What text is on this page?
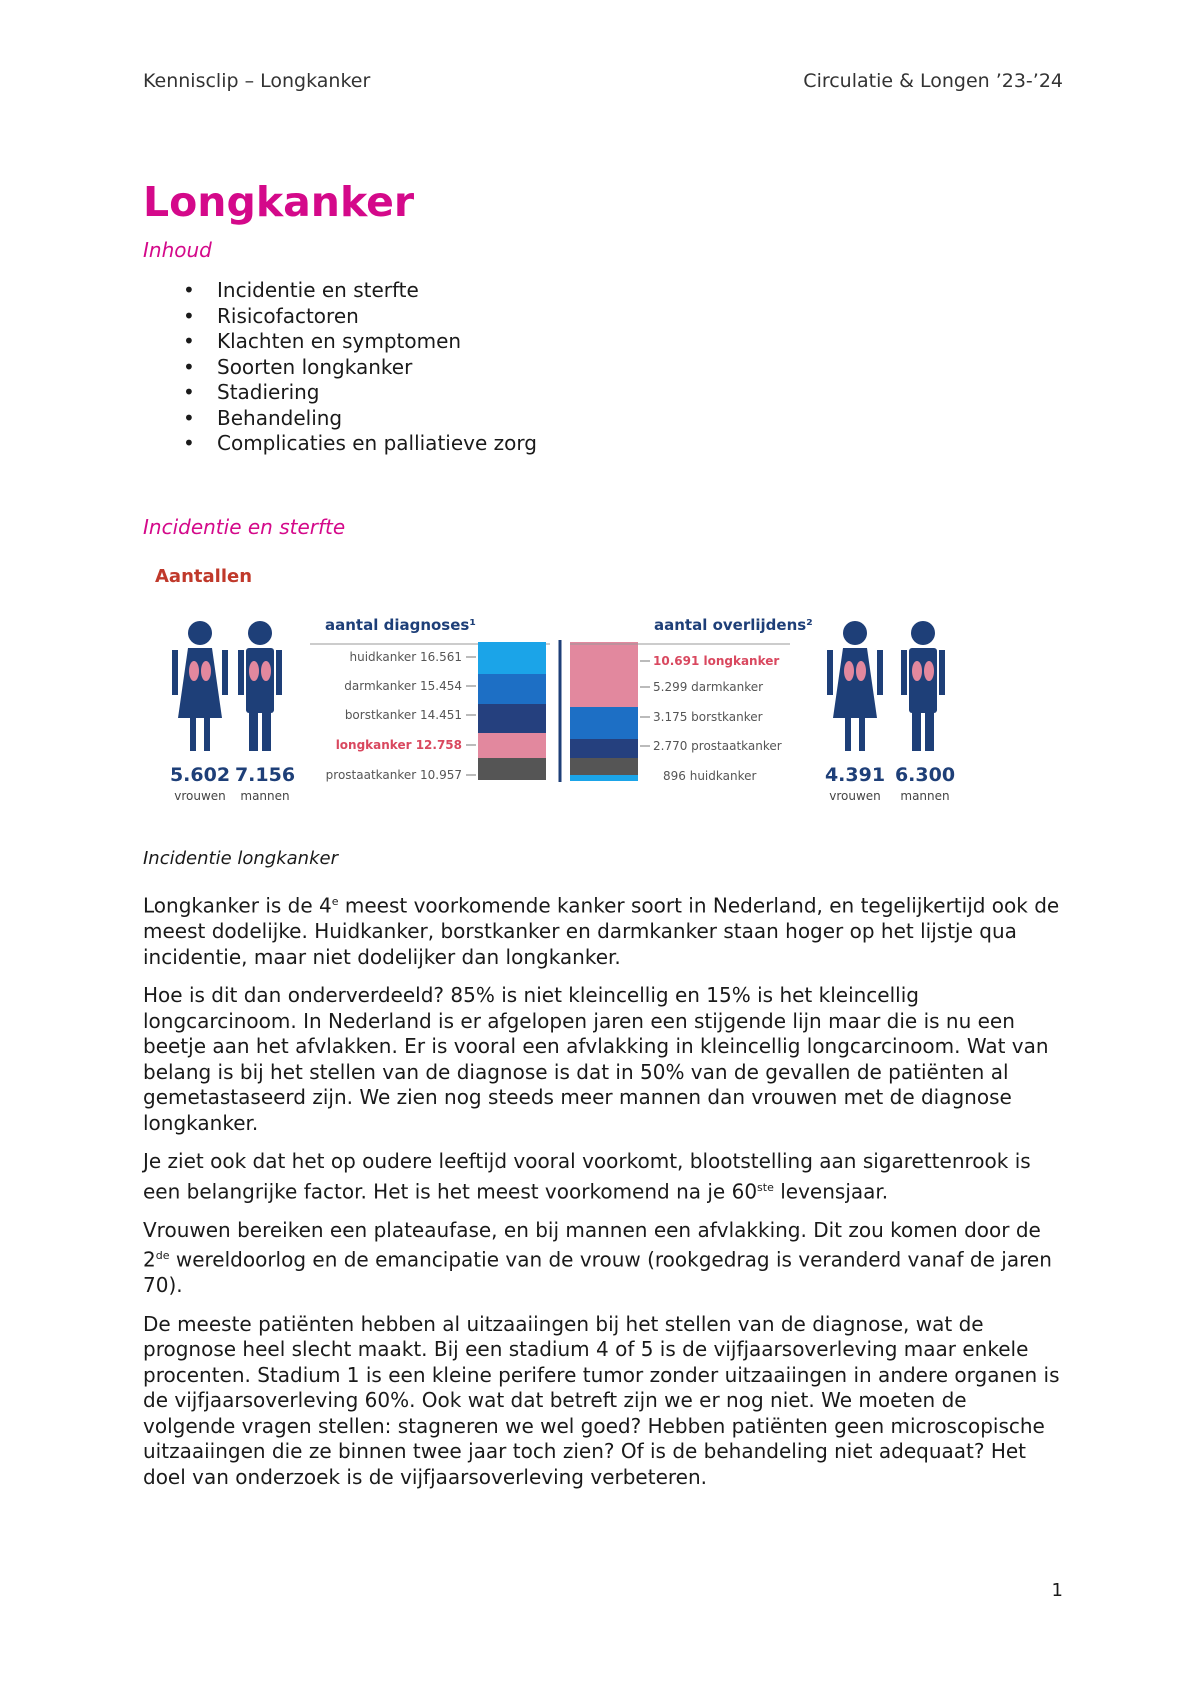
Kennisclip – Longkanker	Circulatie & Longen ’23-’24
Longkanker
Inhoud
• Incidentie en sterfte
• Risicofactoren
• Klachten en symptomen
• Soorten longkanker
• Stadiering
• Behandeling
• Complicaties en palliatieve zorg
Incidentie en sterfte
Aantallen
5.602 7.156
vrouwen mannen
aantal diagnoses¹
huidkanker 16.561
darmkanker 15.454
borstkanker 14.451
longkanker 12.758
prostaatkanker 10.957
aantal overlijdens²
10.691 longkanker
5.299 darmkanker
3.175 borstkanker
2.770 prostaatkanker
896 huidkanker	4.391 6.300
vrouwen mannen
Incidentie longkanker

Longkanker is de 4e meest voorkomende kanker soort in Nederland, en tegelijkertijd ook de meest dodelijke. Huidkanker, borstkanker en darmkanker staan hoger op het lijstje qua incidentie, maar niet dodelijker dan longkanker.

Hoe is dit dan onderverdeeld? 85% is niet kleincellig en 15% is het kleincellig longcarcinoom. In Nederland is er afgelopen jaren een stijgende lijn maar die is nu een beetje aan het afvlakken. Er is vooral een afvlakking in kleincellig longcarcinoom. Wat van belang is bij het stellen van de diagnose is dat in 50% van de gevallen de patiënten al gemetastaseerd zijn. We zien nog steeds meer mannen dan vrouwen met de diagnose longkanker.

Je ziet ook dat het op oudere leeftijd vooral voorkomt, blootstelling aan sigarettenrook is een belangrijke factor. Het is het meest voorkomend na je 60ste levensjaar.

Vrouwen bereiken een plateaufase, en bij mannen een afvlakking. Dit zou komen door de 2de wereldoorlog en de emancipatie van de vrouw (rookgedrag is veranderd vanaf de jaren 70).

De meeste patiënten hebben al uitzaaiingen bij het stellen van de diagnose, wat de prognose heel slecht maakt. Bij een stadium 4 of 5 is de vijfjaarsoverleving maar enkele procenten. Stadium 1 is een kleine perifere tumor zonder uitzaaiingen in andere organen is de vijfjaarsoverleving 60%. Ook wat dat betreft zijn we er nog niet. We moeten de volgende vragen stellen: stagneren we wel goed? Hebben patiënten geen microscopische uitzaaiingen die ze binnen twee jaar toch zien? Of is de behandeling niet adequaat? Het doel van onderzoek is de vijfjaarsoverleving verbeteren.

1
